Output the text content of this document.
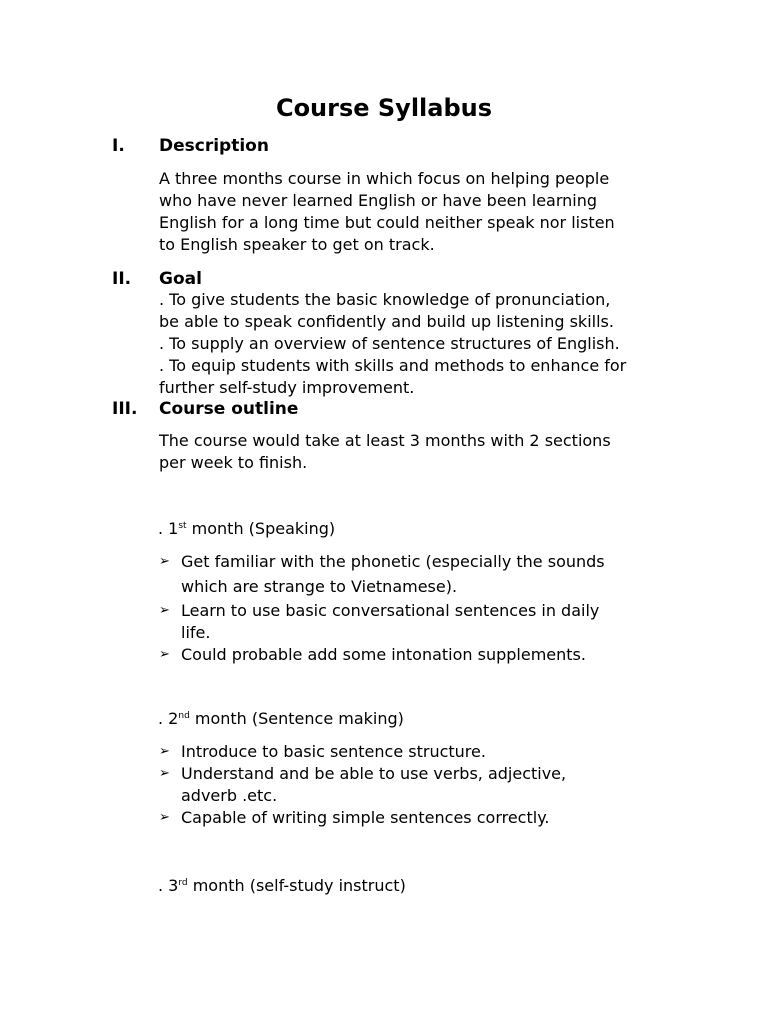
Course Syllabus
I. Description
A three months course in which focus on helping people
who have never learned English or have been learning
English for a long time but could neither speak nor listen
to English speaker to get on track.
II. Goal
. To give students the basic knowledge of pronunciation,
be able to speak confidently and build up listening skills.
. To supply an overview of sentence structures of English.
. To equip students with skills and methods to enhance for
further self-study improvement.
III. Course outline
The course would take at least 3 months with 2 sections
per week to finish.
. 1st month (Speaking)
➢ Get familiar with the phonetic (especially the sounds
which are strange to Vietnamese).
➢ Learn to use basic conversational sentences in daily
life.
➢ Could probable add some intonation supplements.
. 2nd month (Sentence making)
➢ Introduce to basic sentence structure.
➢ Understand and be able to use verbs, adjective,
adverb .etc.
➢ Capable of writing simple sentences correctly.
. 3rd month (self-study instruct)
